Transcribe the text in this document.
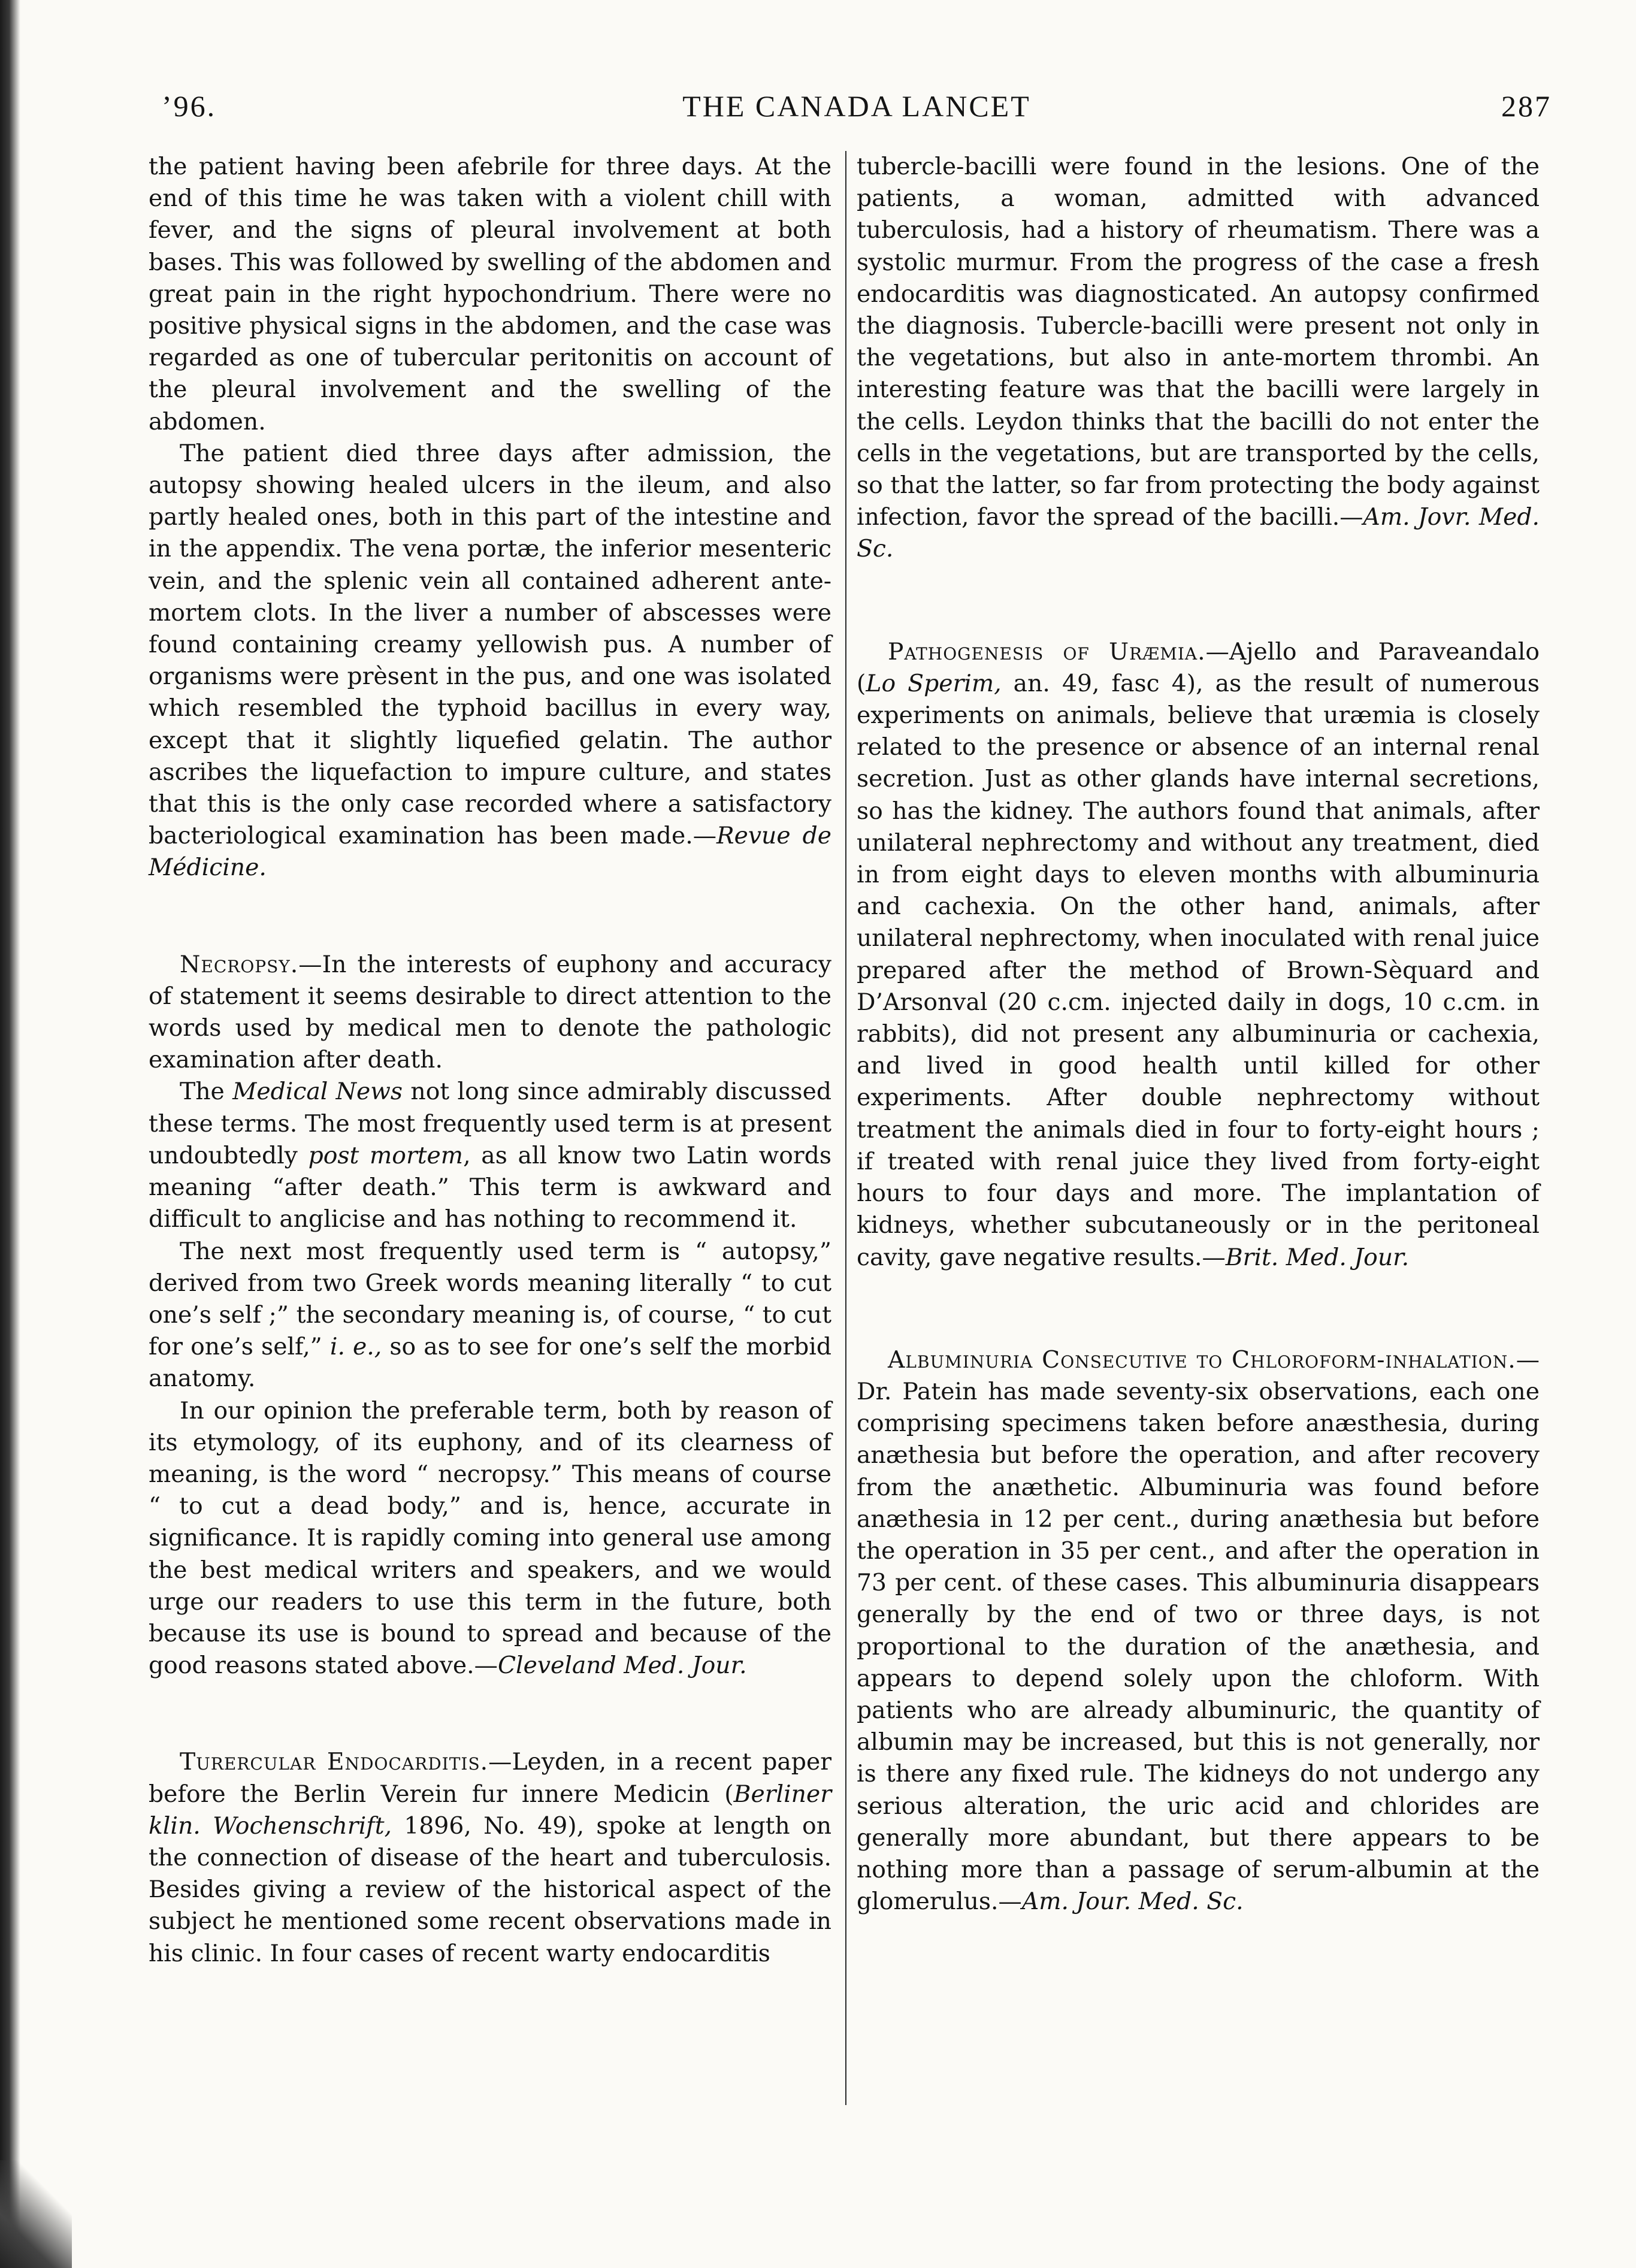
’96.	THE CANADA LANCET	287

the patient having been afebrile for three days. At the end of this time he was taken with a violent chill with fever, and the signs of pleural involvement at both bases. This was followed by swelling of the abdomen and great pain in the right hypochondrium. There were no positive physical signs in the abdomen, and the case was regarded as one of tubercular peritonitis on account of the pleural involvement and the swelling of the abdomen.

The patient died three days after admission, the autopsy showing healed ulcers in the ileum, and also partly healed ones, both in this part of the intestine and in the appendix. The vena portæ, the inferior mesenteric vein, and the splenic vein all contained adherent ante-mortem clots. In the liver a number of abscesses were found containing creamy yellowish pus. A number of organisms were prèsent in the pus, and one was isolated which resembled the typhoid bacillus in every way, except that it slightly liquefied gelatin. The author ascribes the liquefaction to impure culture, and states that this is the only case recorded where a satisfactory bacteriological examination has been made.—Revue de Médicine.

Necropsy.—In the interests of euphony and accuracy of statement it seems desirable to direct attention to the words used by medical men to denote the pathologic examination after death.

The Medical News not long since admirably discussed these terms. The most frequently used term is at present undoubtedly post mortem, as all know two Latin words meaning “after death.” This term is awkward and difficult to anglicise and has nothing to recommend it.

The next most frequently used term is “ autopsy,” derived from two Greek words meaning literally “ to cut one’s self ;” the secondary meaning is, of course, “ to cut for one’s self,” i. e., so as to see for one’s self the morbid anatomy.

In our opinion the preferable term, both by reason of its etymology, of its euphony, and of its clearness of meaning, is the word “ necropsy.” This means of course “ to cut a dead body,” and is, hence, accurate in significance. It is rapidly coming into general use among the best medical writers and speakers, and we would urge our readers to use this term in the future, both because its use is bound to spread and because of the good reasons stated above.—Cleveland Med. Jour.

Turercular Endocarditis.—Leyden, in a recent paper before the Berlin Verein fur innere Medicin (Berliner klin. Wochenschrift, 1896, No. 49), spoke at length on the connection of disease of the heart and tuberculosis. Besides giving a review of the historical aspect of the subject he mentioned some recent observations made in his clinic. In four cases of recent warty endocarditis

tubercle-bacilli were found in the lesions. One of the patients, a woman, admitted with advanced tuberculosis, had a history of rheumatism. There was a systolic murmur. From the progress of the case a fresh endocarditis was diagnosticated. An autopsy confirmed the diagnosis. Tubercle-bacilli were present not only in the vegetations, but also in ante-mortem thrombi. An interesting feature was that the bacilli were largely in the cells. Leydon thinks that the bacilli do not enter the cells in the vegetations, but are transported by the cells, so that the latter, so far from protecting the body against infection, favor the spread of the bacilli.—Am. Jovr. Med. Sc.

Pathogenesis of Uræmia.—Ajello and Paraveandalo (Lo Sperim, an. 49, fasc 4), as the result of numerous experiments on animals, believe that uræmia is closely related to the presence or absence of an internal renal secretion. Just as other glands have internal secretions, so has the kidney. The authors found that animals, after unilateral nephrectomy and without any treatment, died in from eight days to eleven months with albuminuria and cachexia. On the other hand, animals, after unilateral nephrectomy, when inoculated with renal juice prepared after the method of Brown-Sèquard and D’Arsonval (20 c.cm. injected daily in dogs, 10 c.cm. in rabbits), did not present any albuminuria or cachexia, and lived in good health until killed for other experiments. After double nephrectomy without treatment the animals died in four to forty-eight hours ; if treated with renal juice they lived from forty-eight hours to four days and more. The implantation of kidneys, whether subcutaneously or in the peritoneal cavity, gave negative results.—Brit. Med. Jour.

Albuminuria Consecutive to Chloroform-inhalation.—Dr. Patein has made seventy-six observations, each one comprising specimens taken before anæsthesia, during anæthesia but before the operation, and after recovery from the anæthetic. Albuminuria was found before anæthesia in 12 per cent., during anæthesia but before the operation in 35 per cent., and after the operation in 73 per cent. of these cases. This albuminuria disappears generally by the end of two or three days, is not proportional to the duration of the anæthesia, and appears to depend solely upon the chloform. With patients who are already albuminuric, the quantity of albumin may be increased, but this is not generally, nor is there any fixed rule. The kidneys do not undergo any serious alteration, the uric acid and chlorides are generally more abundant, but there appears to be nothing more than a passage of serum-albumin at the glomerulus.—Am. Jour. Med. Sc.
